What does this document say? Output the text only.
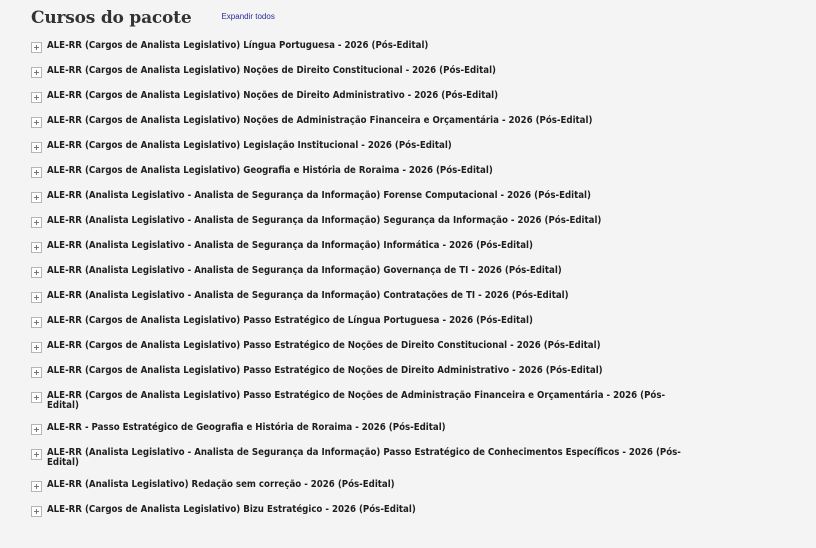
Cursos do pacote	Expandir todos
ALE-RR (Cargos de Analista Legislativo) Língua Portuguesa - 2026 (Pós-Edital)
ALE-RR (Cargos de Analista Legislativo) Noções de Direito Constitucional - 2026 (Pós-Edital)
ALE-RR (Cargos de Analista Legislativo) Noções de Direito Administrativo - 2026 (Pós-Edital)
ALE-RR (Cargos de Analista Legislativo) Noções de Administração Financeira e Orçamentária - 2026 (Pós-Edital)
ALE-RR (Cargos de Analista Legislativo) Legislação Institucional - 2026 (Pós-Edital)
ALE-RR (Cargos de Analista Legislativo) Geografia e História de Roraima - 2026 (Pós-Edital)
ALE-RR (Analista Legislativo - Analista de Segurança da Informação) Forense Computacional - 2026 (Pós-Edital)
ALE-RR (Analista Legislativo - Analista de Segurança da Informação) Segurança da Informação - 2026 (Pós-Edital)
ALE-RR (Analista Legislativo - Analista de Segurança da Informação) Informática - 2026 (Pós-Edital)
ALE-RR (Analista Legislativo - Analista de Segurança da Informação) Governança de TI - 2026 (Pós-Edital)
ALE-RR (Analista Legislativo - Analista de Segurança da Informação) Contratações de TI - 2026 (Pós-Edital)
ALE-RR (Cargos de Analista Legislativo) Passo Estratégico de Língua Portuguesa - 2026 (Pós-Edital)
ALE-RR (Cargos de Analista Legislativo) Passo Estratégico de Noções de Direito Constitucional - 2026 (Pós-Edital)
ALE-RR (Cargos de Analista Legislativo) Passo Estratégico de Noções de Direito Administrativo - 2026 (Pós-Edital)
ALE-RR (Cargos de Analista Legislativo) Passo Estratégico de Noções de Administração Financeira e Orçamentária - 2026 (Pós-Edital)
ALE-RR - Passo Estratégico de Geografia e História de Roraima - 2026 (Pós-Edital)
ALE-RR (Analista Legislativo - Analista de Segurança da Informação) Passo Estratégico de Conhecimentos Específicos - 2026 (Pós-Edital)
ALE-RR (Analista Legislativo) Redação sem correção - 2026 (Pós-Edital)
ALE-RR (Cargos de Analista Legislativo) Bizu Estratégico - 2026 (Pós-Edital)
